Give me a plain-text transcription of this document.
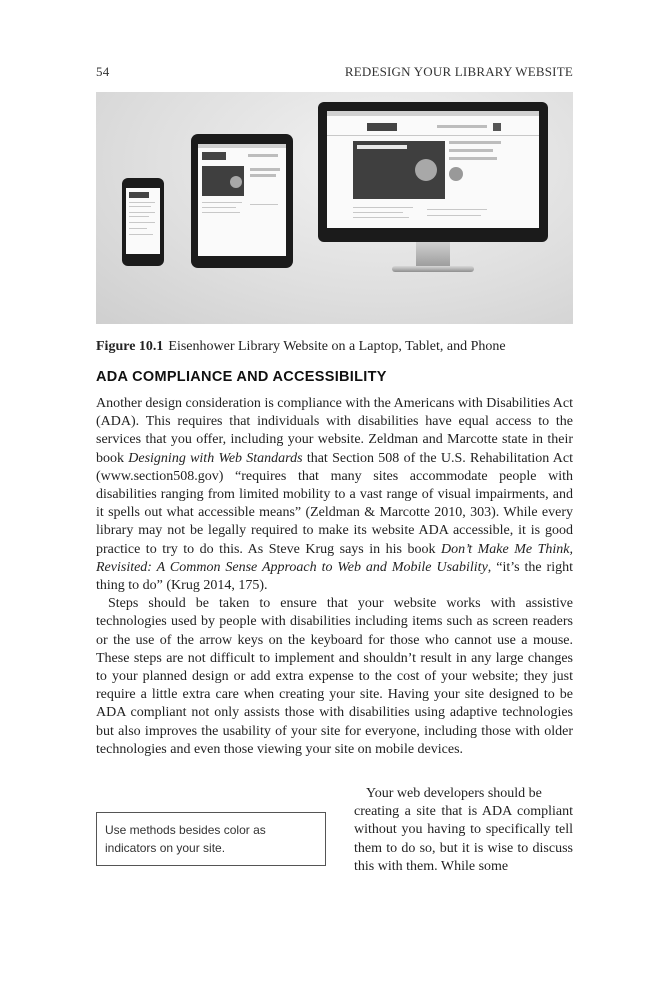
54	REDESIGN YOUR LIBRARY WEBSITE
Figure 10.1 Eisenhower Library Website on a Laptop, Tablet, and Phone
ADA COMPLIANCE AND ACCESSIBILITY

Another design consideration is compliance with the Americans with Disabilities Act (ADA). This requires that individuals with disabilities have equal access to the services that you offer, including your website. Zeldman and Marcotte state in their book Designing with Web Standards that Section 508 of the U.S. Rehabilitation Act (www.section508.gov) “requires that many sites accommodate people with disabilities ranging from limited mobility to a vast range of visual impairments, and it spells out what accessible means” (Zeldman & Marcotte 2010, 303). While every library may not be legally required to make its website ADA accessible, it is good practice to try to do this. As Steve Krug says in his book Don’t Make Me Think, Revisited: A Common Sense Approach to Web and Mobile Usability, “it’s the right thing to do” (Krug 2014, 175).

Steps should be taken to ensure that your website works with assistive technologies used by people with disabilities including items such as screen readers or the use of the arrow keys on the keyboard for those who cannot use a mouse. These steps are not difficult to implement and shouldn’t result in any large changes to your planned design or add extra expense to the cost of your website; they just require a little extra care when creating your site. Having your site designed to be ADA compliant not only assists those with disabilities using adaptive technologies but also improves the usability of your site for everyone, including those with older technologies and even those viewing your site on mobile devices.

Your web developers should be

creating a site that is ADA compliant without you having to specifically tell them to do so, but it is wise to discuss this with them. While some

Use methods besides color as indicators on your site.
